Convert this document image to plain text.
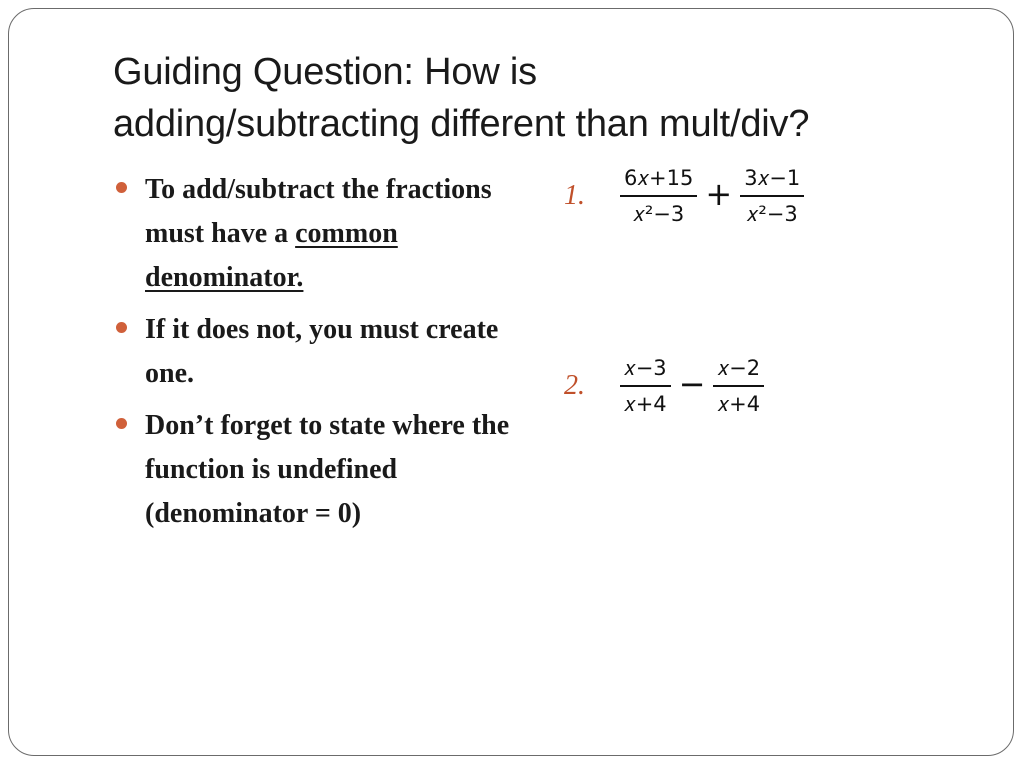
Guiding Question: How is
adding/subtracting different than mult/div?
To add/subtract the fractions must have a common denominator.
If it does not, you must create one.
Don’t forget to state where the function is undefined (denominator = 0)
1.	$\frac{\text{6𝑥+15}}{\text{𝑥²−3}} + \frac{\text{3𝑥−1}}{\text{𝑥²−3}}$
2.	$\frac{\text{𝑥−3}}{\text{𝑥+4}} - \frac{\text{𝑥−2}}{\text{𝑥+4}}$
